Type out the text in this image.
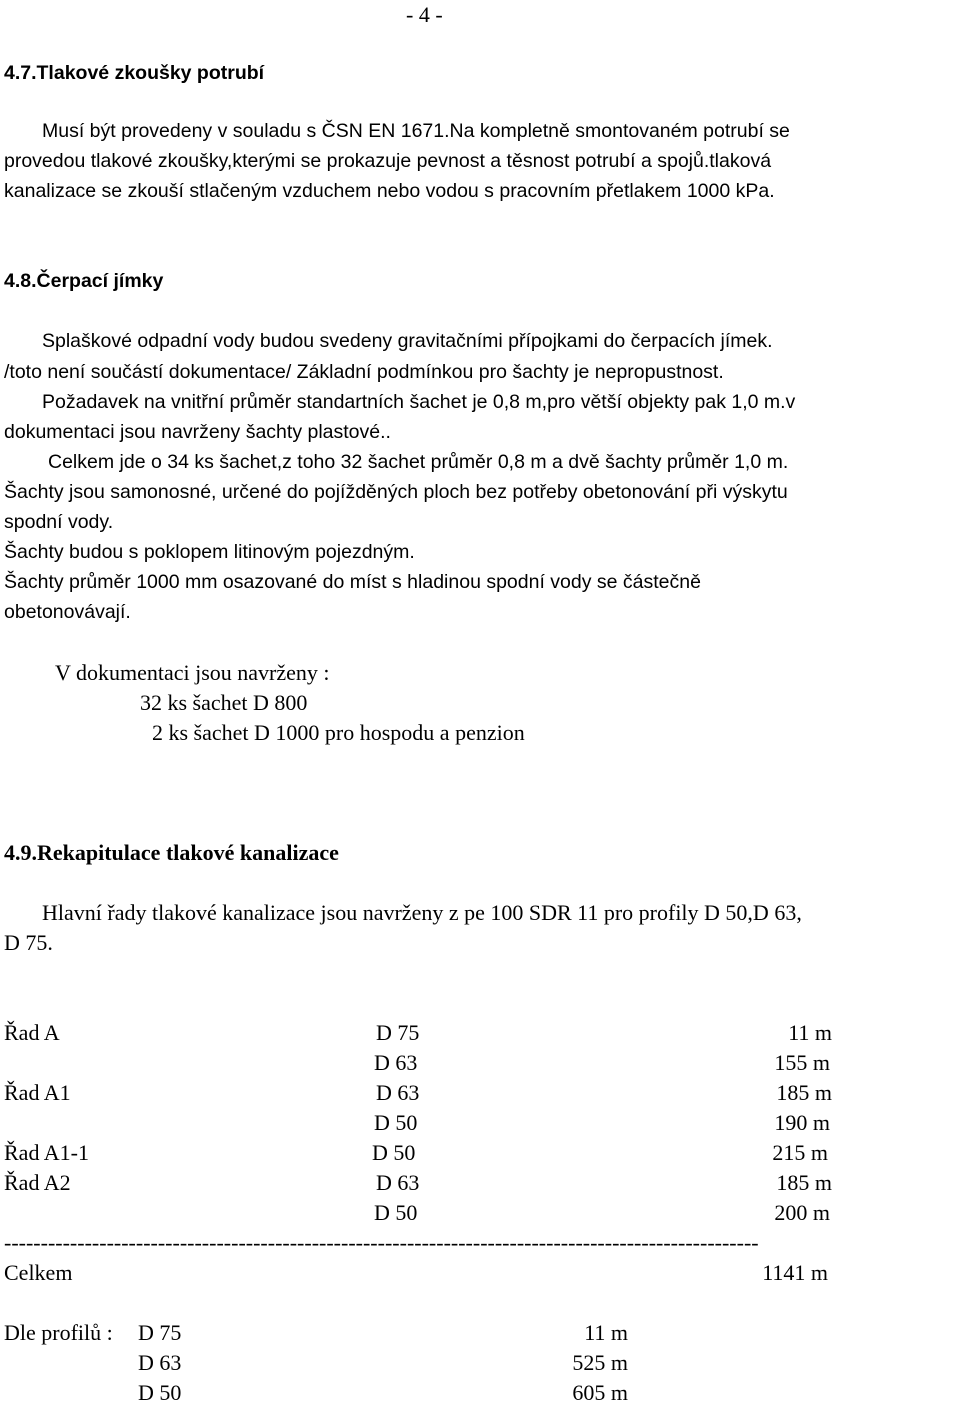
- 4 -
4.7.Tlakové zkoušky potrubí
Musí být provedeny v souladu s ČSN EN 1671.Na kompletně smontovaném potrubí se
provedou tlakové zkoušky,kterými se prokazuje pevnost a těsnost potrubí a spojů.tlaková
kanalizace se zkouší stlačeným vzduchem nebo vodou s pracovním přetlakem 1000 kPa.
4.8.Čerpací jímky
Splaškové odpadní vody budou svedeny gravitačními přípojkami do čerpacích jímek.
/toto není součástí dokumentace/ Základní podmínkou pro šachty je nepropustnost.
Požadavek na vnitřní průměr standartních šachet je 0,8 m,pro větší objekty pak 1,0 m.v
dokumentaci jsou navrženy šachty plastové..
Celkem jde o 34 ks šachet,z toho 32 šachet průměr 0,8 m a dvě šachty průměr 1,0 m.
Šachty jsou samonosné, určené do pojížděných ploch bez potřeby obetonování při výskytu
spodní vody.
Šachty budou s poklopem litinovým pojezdným.
Šachty průměr 1000 mm osazované do míst s hladinou spodní vody se částečně
obetonovávají.
V dokumentaci jsou navrženy :
32 ks šachet D 800
2 ks šachet D 1000 pro hospodu a penzion
4.9.Rekapitulace tlakové kanalizace
Hlavní řady tlakové kanalizace jsou navrženy z pe 100 SDR 11 pro profily D 50,D 63,
D 75.
Řad A	D 75	11 m
D 63	155 m
Řad A1	D 63	185 m
D 50	190 m
Řad A1-1	D 50	215 m
Řad A2	D 63	185 m
D 50	200 m
-------------------------------------------------------------------------------------------------------
Celkem	1141 m
Dle profilů : D 75	11 m
D 63	525 m
D 50	605 m
